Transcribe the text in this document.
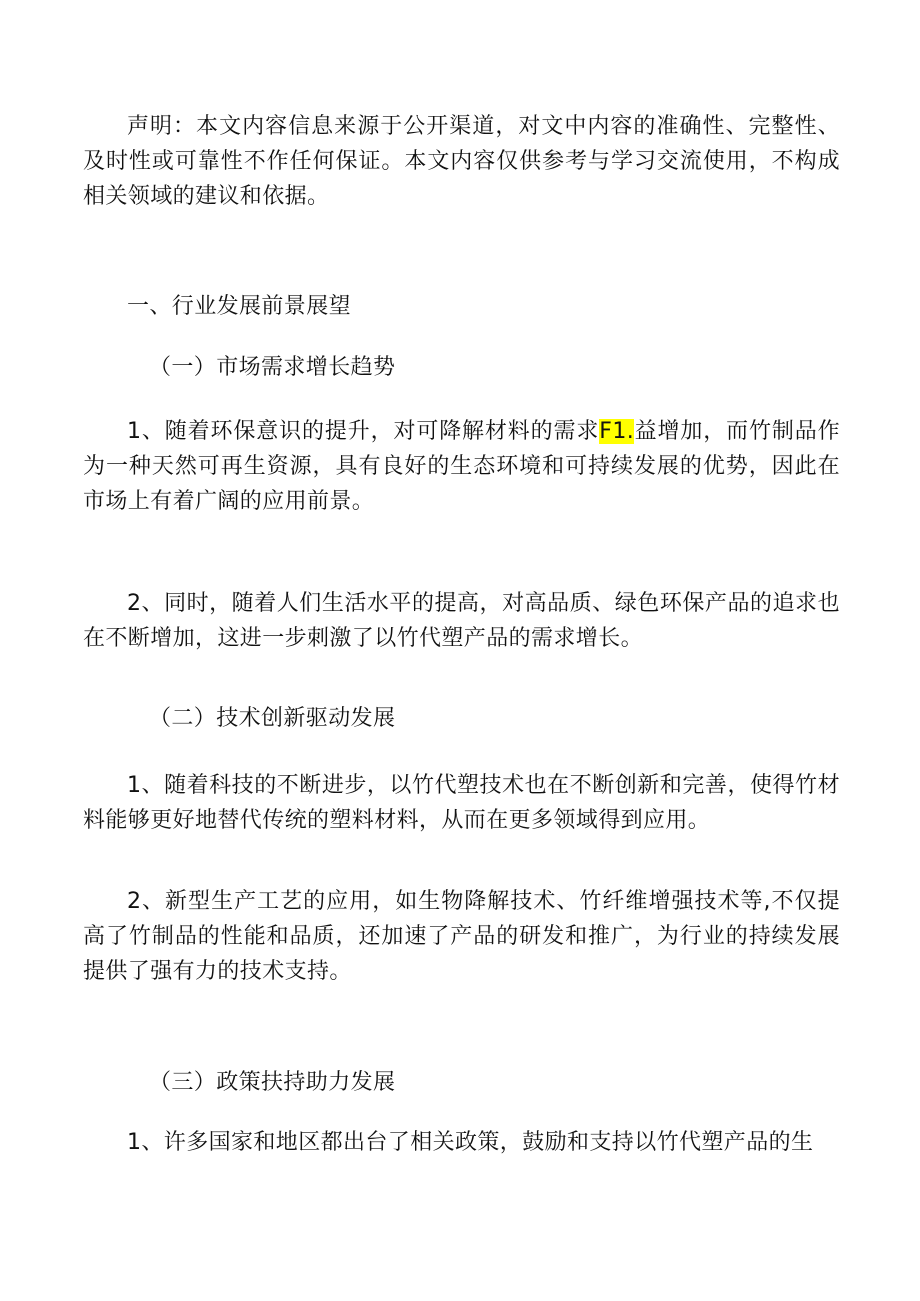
声明：本文内容信息来源于公开渠道，对文中内容的准确性、完整性、及时性或可靠性不作任何保证。本文内容仅供参考与学习交流使用，不构成相关领域的建议和依据。

一、行业发展前景展望

（一）市场需求增长趋势

1、随着环保意识的提升，对可降解材料的需求F1.益增加，而竹制品作为一种天然可再生资源，具有良好的生态环境和可持续发展的优势，因此在市场上有着广阔的应用前景。

2、同时，随着人们生活水平的提高，对高品质、绿色环保产品的追求也在不断增加，这进一步刺激了以竹代塑产品的需求增长。

（二）技术创新驱动发展

1、随着科技的不断进步，以竹代塑技术也在不断创新和完善，使得竹材料能够更好地替代传统的塑料材料，从而在更多领域得到应用。

2、新型生产工艺的应用，如生物降解技术、竹纤维增强技术等,不仅提高了竹制品的性能和品质，还加速了产品的研发和推广，为行业的持续发展提供了强有力的技术支持。

（三）政策扶持助力发展

1、许多国家和地区都出台了相关政策，鼓励和支持以竹代塑产品的生
